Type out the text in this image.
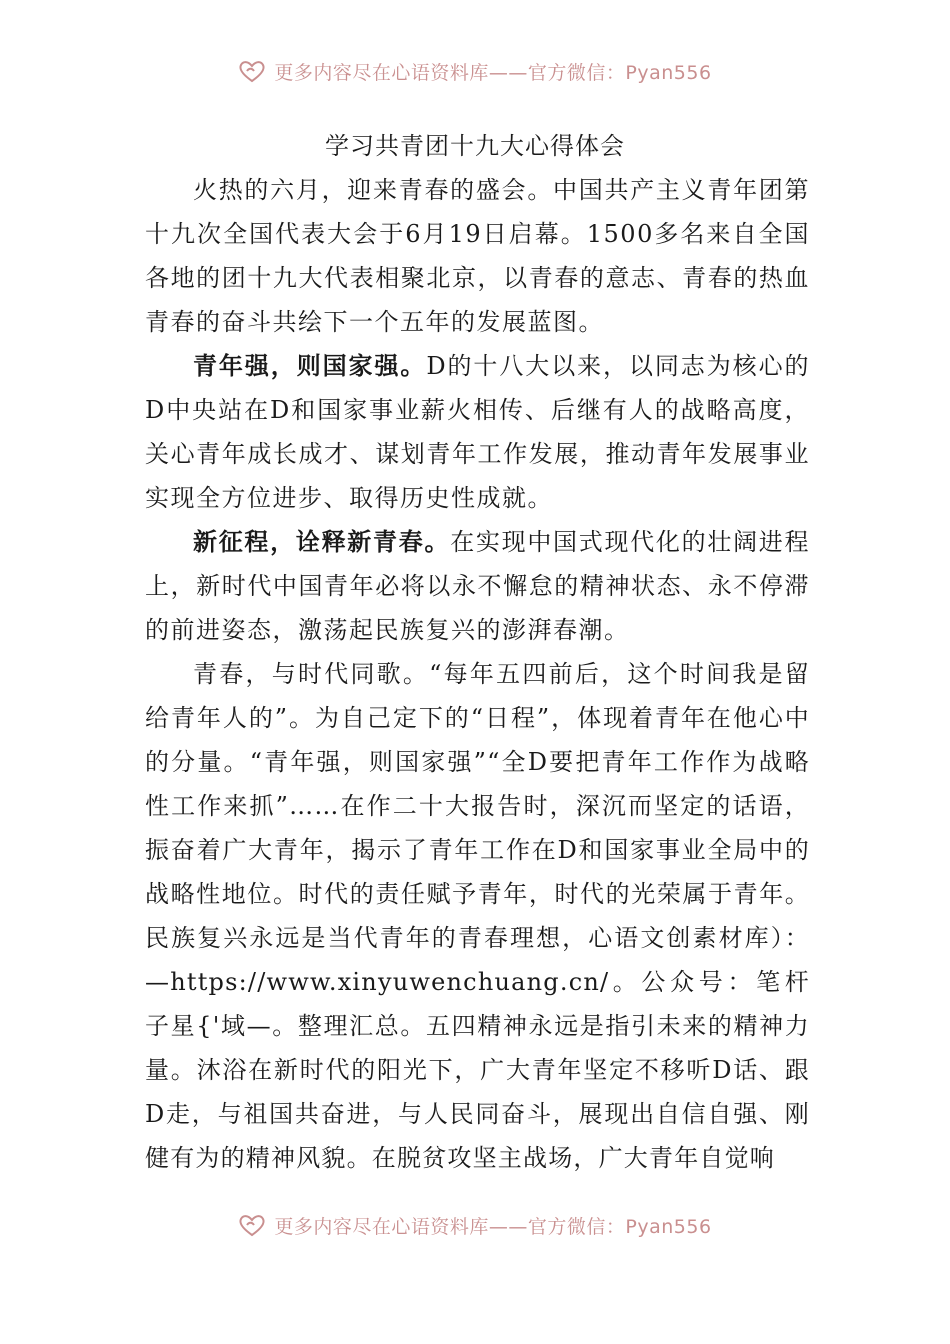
更多内容尽在心语资料库——官方微信：Pyan556
学习共青团十九大心得体会

火热的六月，迎来青春的盛会。中国共产主义青年团第十九次全国代表大会于6月19日启幕。1500多名来自全国各地的团十九大代表相聚北京，以青春的意志、青春的热血青春的奋斗共绘下一个五年的发展蓝图。

青年强，则国家强。D的十八大以来，以同志为核心的D中央站在D和国家事业薪火相传、后继有人的战略高度，关心青年成长成才、谋划青年工作发展，推动青年发展事业实现全方位进步、取得历史性成就。

新征程，诠释新青春。在实现中国式现代化的壮阔进程上，新时代中国青年必将以永不懈怠的精神状态、永不停滞的前进姿态，激荡起民族复兴的澎湃春潮。

青春，与时代同歌。“每年五四前后，这个时间我是留给青年人的”。为自己定下的“日程”，体现着青年在他心中的分量。“青年强，则国家强”“全D要把青年工作作为战略性工作来抓”……在作二十大报告时，深沉而坚定的话语，振奋着广大青年，揭示了青年工作在D和国家事业全局中的战略性地位。时代的责任赋予青年，时代的光荣属于青年。民族复兴永远是当代青年的青春理想，心语文创素材库）：—https://www.xinyuwenchuang.cn/。公众号：笔杆子星{'域—。整理汇总。五四精神永远是指引未来的精神力量。沐浴在新时代的阳光下，广大青年坚定不移听D话、跟D走，与祖国共奋进，与人民同奋斗，展现出自信自强、刚健有为的精神风貌。在脱贫攻坚主战场，广大青年自觉响

更多内容尽在心语资料库——官方微信：Pyan556
